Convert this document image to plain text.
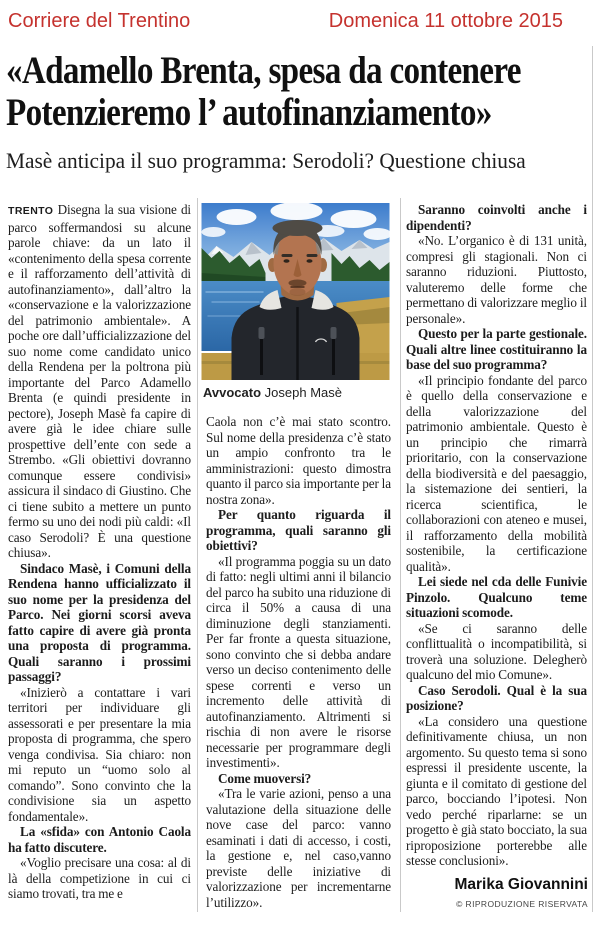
Corriere del Trentino	Domenica 11 ottobre 2015
«Adamello Brenta, spesa da contenere
Potenzieremo l’ autofinanziamento»
Masè anticipa il suo programma: Serodoli? Questione chiusa
Avvocato Joseph Masè

TRENTO Disegna la sua visione di parco soffermandosi su alcune parole chiave: da un lato il «contenimento della spesa corrente e il rafforzamento dell’attività di autofinanziamento», dall’altro la «conservazione e la valorizzazione del patrimonio ambientale». A poche ore dall’ufficializzazione del suo nome come candidato unico della Rendena per la poltrona più importante del Parco Adamello Brenta (e quindi presidente in pectore), Joseph Masè fa capire di avere già le idee chiare sulle prospettive dell’ente con sede a Strembo. «Gli obiettivi dovranno comunque essere condivisi» assicura il sindaco di Giustino. Che ci tiene subito a mettere un punto fermo su uno dei nodi più caldi: «Il caso Serodoli? È una questione chiusa».

Sindaco Masè, i Comuni della Rendena hanno ufficializzato il suo nome per la presidenza del Parco. Nei giorni scorsi aveva fatto capire di avere già pronta una proposta di programma. Quali saranno i prossimi passaggi?

«Inizierò a contattare i vari territori per individuare gli assessorati e per presentare la mia proposta di programma, che spero venga condivisa. Sia chiaro: non mi reputo un “uomo solo al comando”. Sono convinto che la condivisione sia un aspetto fondamentale».

La «sfida» con Antonio Caola ha fatto discutere.

«Voglio precisare una cosa: al di là della competizione in cui ci siamo trovati, tra me e

Caola non c’è mai stato scontro. Sul nome della presidenza c’è stato un ampio confronto tra le amministrazioni: questo dimostra quanto il parco sia importante per la nostra zona».

Per quanto riguarda il programma, quali saranno gli obiettivi?

«Il programma poggia su un dato di fatto: negli ultimi anni il bilancio del parco ha subito una riduzione di circa il 50% a causa di una diminuzione degli stanziamenti. Per far fronte a questa situazione, sono convinto che si debba andare verso un deciso contenimento delle spese correnti e verso un incremento delle attività di autofinanziamento. Altrimenti si rischia di non avere le risorse necessarie per programmare degli investimenti».

Come muoversi?

«Tra le varie azioni, penso a una valutazione della situazione delle nove case del parco: vanno esaminati i dati di accesso, i costi, la gestione e, nel caso,vanno previste delle iniziative di valorizzazione per incrementarne l’utilizzo».

Saranno coinvolti anche i dipendenti?

«No. L’organico è di 131 unità, compresi gli stagionali. Non ci saranno riduzioni. Piuttosto, valuteremo delle forme che permettano di valorizzare meglio il personale».

Questo per la parte gestionale. Quali altre linee costituiranno la base del suo programma?

«Il principio fondante del parco è quello della conservazione e della valorizzazione del patrimonio ambientale. Questo è un principio che rimarrà prioritario, con la conservazione della biodiversità e del paesaggio, la sistemazione dei sentieri, la ricerca scientifica, le collaborazioni con ateneo e musei, il rafforzamento della mobilità sostenibile, la certificazione qualità».

Lei siede nel cda delle Funivie Pinzolo. Qualcuno teme situazioni scomode.

«Se ci saranno delle conflittualità o incompatibilità, si troverà una soluzione. Delegherò qualcuno del mio Comune».

Caso Serodoli. Qual è la sua posizione?

«La considero una questione definitivamente chiusa, un non argomento. Su questo tema si sono espressi il presidente uscente, la giunta e il comitato di gestione del parco, bocciando l’ipotesi. Non vedo perché riparlarne: se un progetto è già stato bocciato, la sua riproposizione porterebbe alle stesse conclusioni».

Marika Giovannini
© RIPRODUZIONE RISERVATA
